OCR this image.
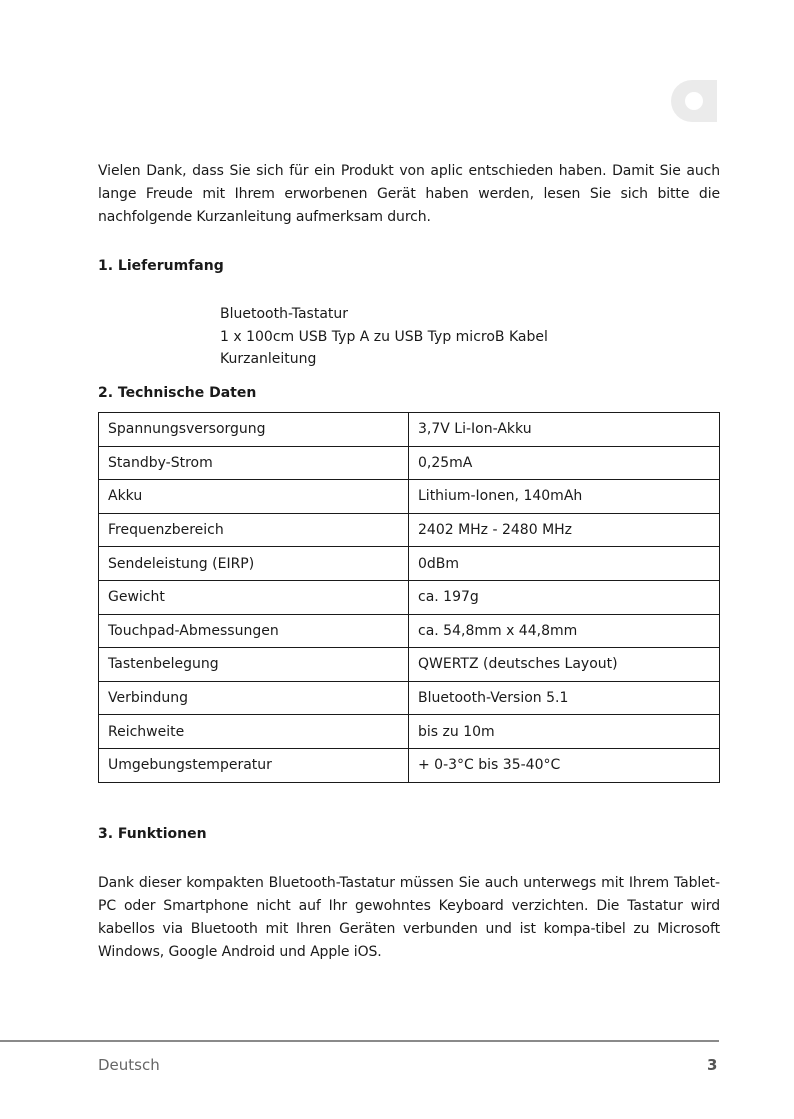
Vielen Dank, dass Sie sich für ein Produkt von aplic entschieden haben. Damit Sie auch lange Freude mit Ihrem erworbenen Gerät haben werden, lesen Sie sich bitte die nachfolgende Kurzanleitung aufmerksam durch.
1. Lieferumfang
Bluetooth-Tastatur
1 x 100cm USB Typ A zu USB Typ microB Kabel
Kurzanleitung
2. Technische Daten
Spannungsversorgung	3,7V Li-Ion-Akku
Standby-Strom	0,25mA
Akku	Lithium-Ionen, 140mAh
Frequenzbereich	2402 MHz - 2480 MHz
Sendeleistung (EIRP)	0dBm
Gewicht	ca. 197g
Touchpad-Abmessungen	ca. 54,8mm x 44,8mm
Tastenbelegung	QWERTZ (deutsches Layout)
Verbindung	Bluetooth-Version 5.1
Reichweite	bis zu 10m
Umgebungstemperatur	+ 0-3°C bis 35-40°C
3. Funktionen
Dank dieser kompakten Bluetooth-Tastatur müssen Sie auch unterwegs mit Ihrem Tablet-PC oder Smartphone nicht auf Ihr gewohntes Keyboard verzichten. Die Tastatur wird kabellos via Bluetooth mit Ihren Geräten verbunden und ist kompa-tibel zu Microsoft Windows, Google Android und Apple iOS.
Deutsch	3
